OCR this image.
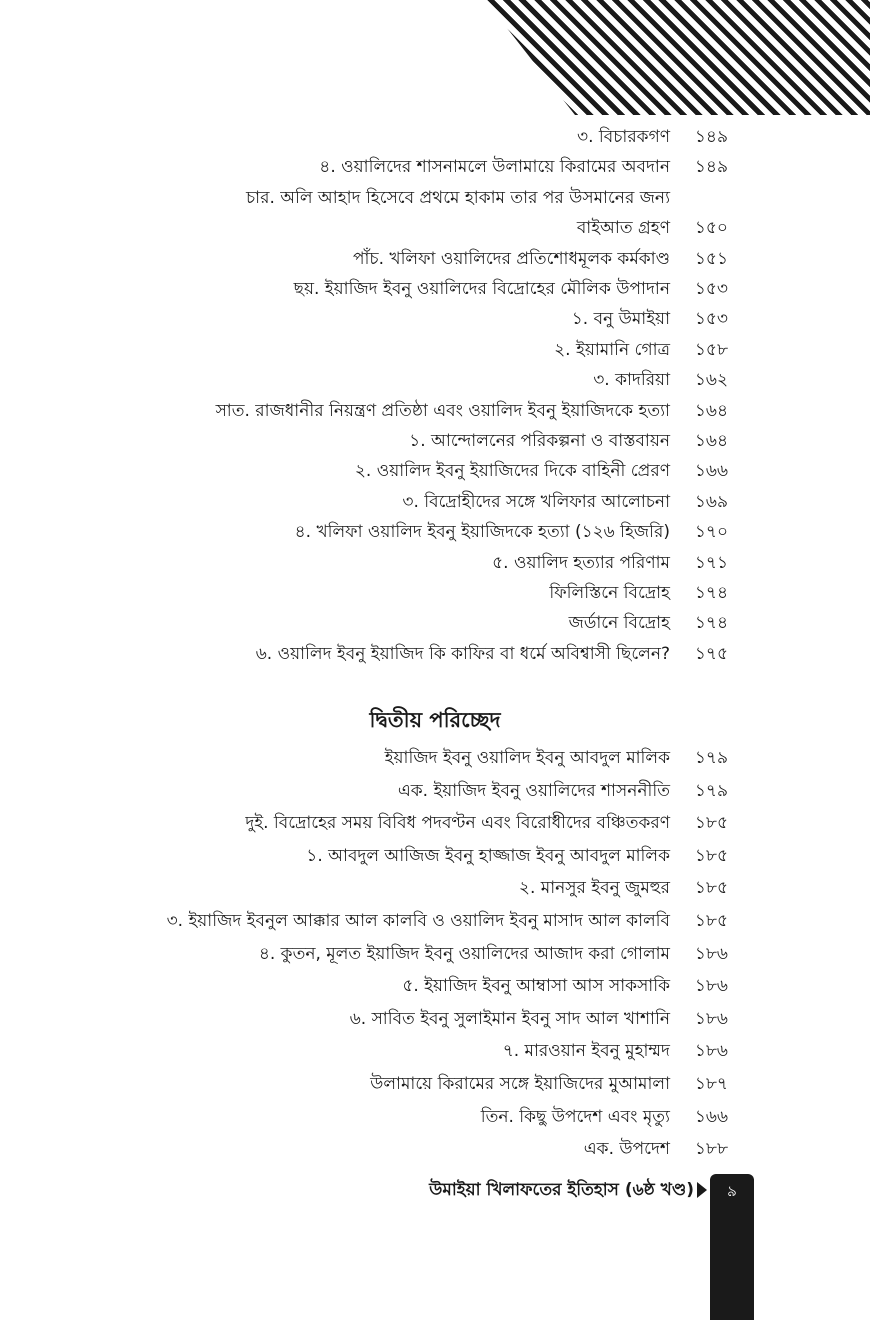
৩. বিচারকগণ	১৪৯
৪. ওয়ালিদের শাসনামলে উলামায়ে কিরামের অবদান	১৪৯
চার. অলি আহাদ হিসেবে প্রথমে হাকাম তার পর উসমানের জন্য
বাইআত গ্রহণ	১৫০
পাঁচ. খলিফা ওয়ালিদের প্রতিশোধমূলক কর্মকাণ্ড	১৫১
ছয়. ইয়াজিদ ইবনু ওয়ালিদের বিদ্রোহের মৌলিক উপাদান	১৫৩
১. বনু উমাইয়া	১৫৩
২. ইয়ামানি গোত্র	১৫৮
৩. কাদরিয়া	১৬২
সাত. রাজধানীর নিয়ন্ত্রণ প্রতিষ্ঠা এবং ওয়ালিদ ইবনু ইয়াজিদকে হত্যা	১৬৪
১. আন্দোলনের পরিকল্পনা ও বাস্তবায়ন	১৬৪
২. ওয়ালিদ ইবনু ইয়াজিদের দিকে বাহিনী প্রেরণ	১৬৬
৩. বিদ্রোহীদের সঙ্গে খলিফার আলোচনা	১৬৯
৪. খলিফা ওয়ালিদ ইবনু ইয়াজিদকে হত্যা (১২৬ হিজরি)	১৭০
৫. ওয়ালিদ হত্যার পরিণাম	১৭১
ফিলিস্তিনে বিদ্রোহ	১৭৪
জর্ডানে বিদ্রোহ	১৭৪
৬. ওয়ালিদ ইবনু ইয়াজিদ কি কাফির বা ধর্মে অবিশ্বাসী ছিলেন?	১৭৫
ইয়াজিদ ইবনু ওয়ালিদ ইবনু আবদুল মালিক	১৭৯
এক. ইয়াজিদ ইবনু ওয়ালিদের শাসননীতি	১৭৯
দুই. বিদ্রোহের সময় বিবিধ পদবণ্টন এবং বিরোধীদের বঞ্চিতকরণ	১৮৫
১. আবদুল আজিজ ইবনু হাজ্জাজ ইবনু আবদুল মালিক	১৮৫
২. মানসুর ইবনু জুমহুর	১৮৫
৩. ইয়াজিদ ইবনুল আক্কার আল কালবি ও ওয়ালিদ ইবনু মাসাদ আল কালবি	১৮৫
৪. কুতন, মূলত ইয়াজিদ ইবনু ওয়ালিদের আজাদ করা গোলাম	১৮৬
৫. ইয়াজিদ ইবনু আম্বাসা আস সাকসাকি	১৮৬
৬. সাবিত ইবনু সুলাইমান ইবনু সাদ আল খাশানি	১৮৬
৭. মারওয়ান ইবনু মুহাম্মদ	১৮৬
উলামায়ে কিরামের সঙ্গে ইয়াজিদের মুআমালা	১৮৭
তিন. কিছু উপদেশ এবং মৃত্যু	১৬৬
এক. উপদেশ	১৮৮
দ্বিতীয় পরিচ্ছেদ
উমাইয়া খিলাফতের ইতিহাস (৬ষ্ঠ খণ্ড)	৯
